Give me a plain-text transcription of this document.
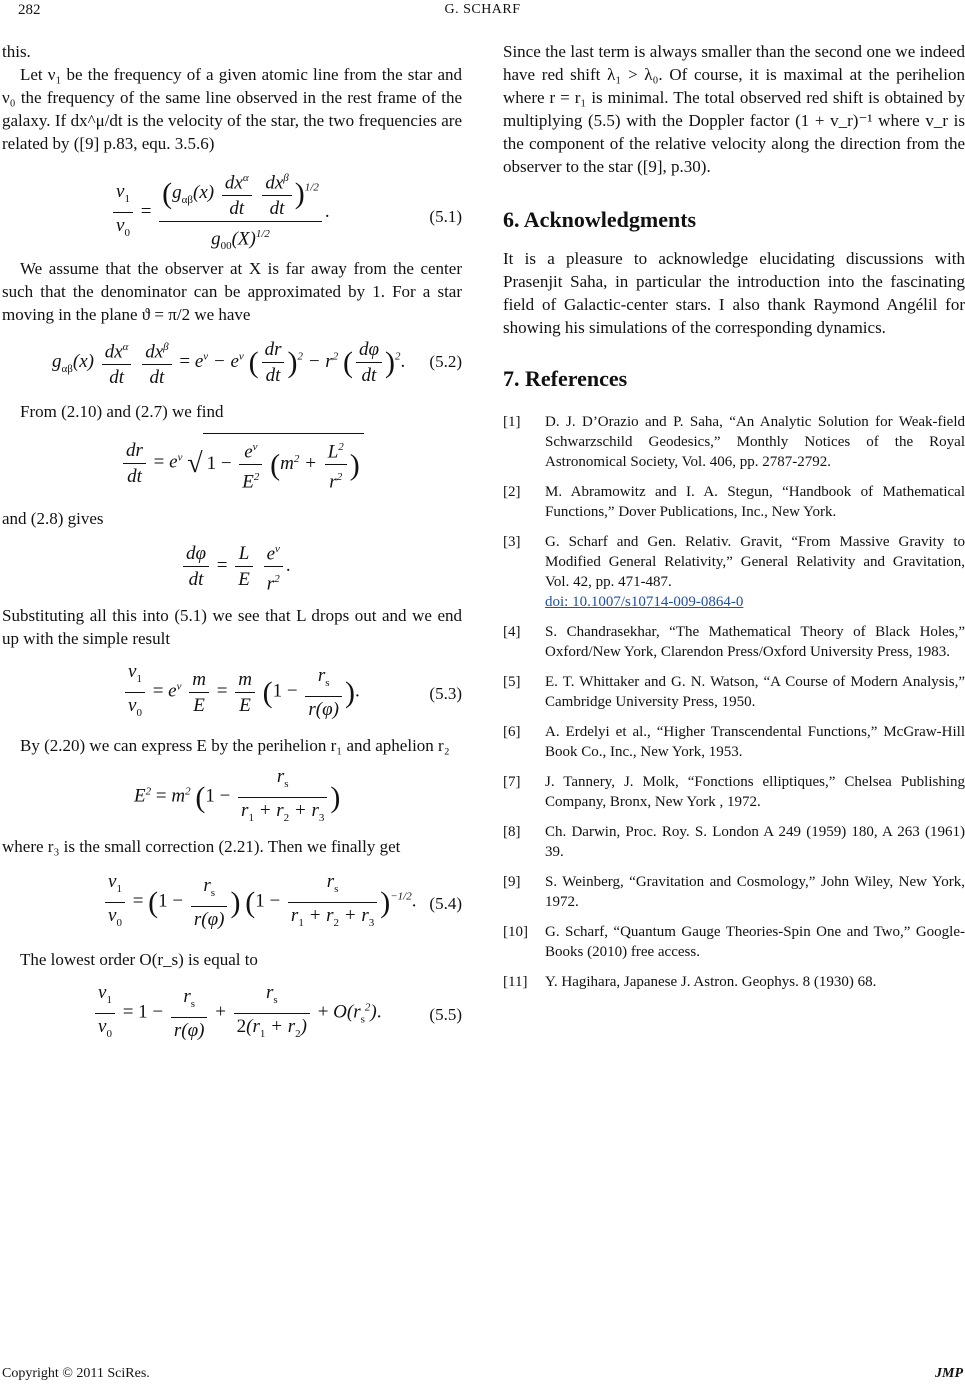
282	G. SCHARF

this.

Let ν₁ be the frequency of a given atomic line from the star and ν₀ the frequency of the same line observed in the rest frame of the galaxy. If dx^μ/dt is the velocity of the star, the two frequencies are related by ([9] p.83, equ. 3.5.6)

$\frac{\nu_1}{\nu_0} = (g_{\alpha\beta}(x) \frac{dx^\alpha}{dt}$
$\frac{dx^\beta}{dt} )^{1/2}$
$g_{00}(X)^{1/2}$ .	(5.1)

We assume that the observer at X is far away from the center such that the denominator can be approximated by 1. For a star moving in the plane ϑ = π/2 we have

$g_{\alpha\beta}(x) \frac{dx^\alpha}{dt}$
$\frac{dx^\beta}{dt} = e^\nu - e^\nu$ ( $\frac{dr}{dt} )^2 - r^2$ ( $\frac{d\varphi}{dt} )^2$. (5.2)

From (2.10) and (2.7) we find

$\frac{dr}{dt} = e^\nu$ √ $1 - \frac{e^\nu}{E^2} (m^2 + \frac{L^2}{r^2}$ )

and (2.8) gives

$\frac{d\varphi}{dt} = \frac{L}{E}$
$\frac{e^\nu}{r^2}$ .

Substituting all this into (5.1) we see that L drops out and we end up with the simple result

$\frac{\nu_1}{\nu_0} = e^\nu \frac{m}{E} = \frac{m}{E} (1 - \frac{r_s}{r(\varphi)}$ ).	(5.3)

By (2.20) we can express E by the perihelion r₁ and aphelion r₂

$E^2 = m^2$ ($1 - \frac{r_s}{r_1 + r_2 + r_3}$ )

where r₃ is the small correction (2.21). Then we finally get

$\frac{\nu_1}{\nu_0} = (1 - \frac{r_s}{r(\varphi)}$ ) $(1 - \frac{r_s}{r_1 + r_2 + r_3} )^{-1/2}$. (5.4)

The lowest order O(r_s) is equal to

$\frac{\nu_1}{\nu_0} = 1 - \frac{r_s}{r(\varphi)} + \frac{r_s}{2(r_1 + r_2)} + O(r_s^2)$.	(5.5)

Since the last term is always smaller than the second one we indeed have red shift λ₁ > λ₀. Of course, it is maximal at the perihelion where r = r₁ is minimal. The total observed red shift is obtained by multiplying (5.5) with the Doppler factor (1 + v_r)⁻¹ where v_r is the component of the relative velocity along the direction from the observer to the star ([9], p.30).

6. Acknowledgments

It is a pleasure to acknowledge elucidating discussions with Prasenjit Saha, in particular the introduction into the fascinating field of Galactic-center stars. I also thank Raymond Angélil for showing his simulations of the corresponding dynamics.

7. References
[1]	D. J. D’Orazio and P. Saha, “An Analytic Solution for Weak-field Schwarzschild Geodesics,” Monthly Notices of the Royal Astronomical Society, Vol. 406, pp. 2787-2792.
[2]	M. Abramowitz and I. A. Stegun, “Handbook of Mathematical Functions,” Dover Publications, Inc., New York.
[3]	G. Scharf and Gen. Relativ. Gravit, “From Massive Gravity to Modified General Relativity,” General Relativity and Gravitation, Vol. 42, pp. 471-487.
doi: 10.1007/s10714-009-0864-0
[4]	S. Chandrasekhar, “The Mathematical Theory of Black Holes,” Oxford/New York, Clarendon Press/Oxford University Press, 1983.
[5]	E. T. Whittaker and G. N. Watson, “A Course of Modern Analysis,” Cambridge University Press, 1950.
[6]	A. Erdelyi et al., “Higher Transcendental Functions,” McGraw-Hill Book Co., Inc., New York, 1953.
[7]	J. Tannery, J. Molk, “Fonctions elliptiques,” Chelsea Publishing Company, Bronx, New York , 1972.
[8]	Ch. Darwin, Proc. Roy. S. London A 249 (1959) 180, A 263 (1961) 39.
[9]	S. Weinberg, “Gravitation and Cosmology,” John Wiley, New York, 1972.
[10]	G. Scharf, “Quantum Gauge Theories-Spin One and Two,” Google-Books (2010) free access.
[11]	Y. Hagihara, Japanese J. Astron. Geophys. 8 (1930) 68.
Copyright © 2011 SciRes.	JMP
